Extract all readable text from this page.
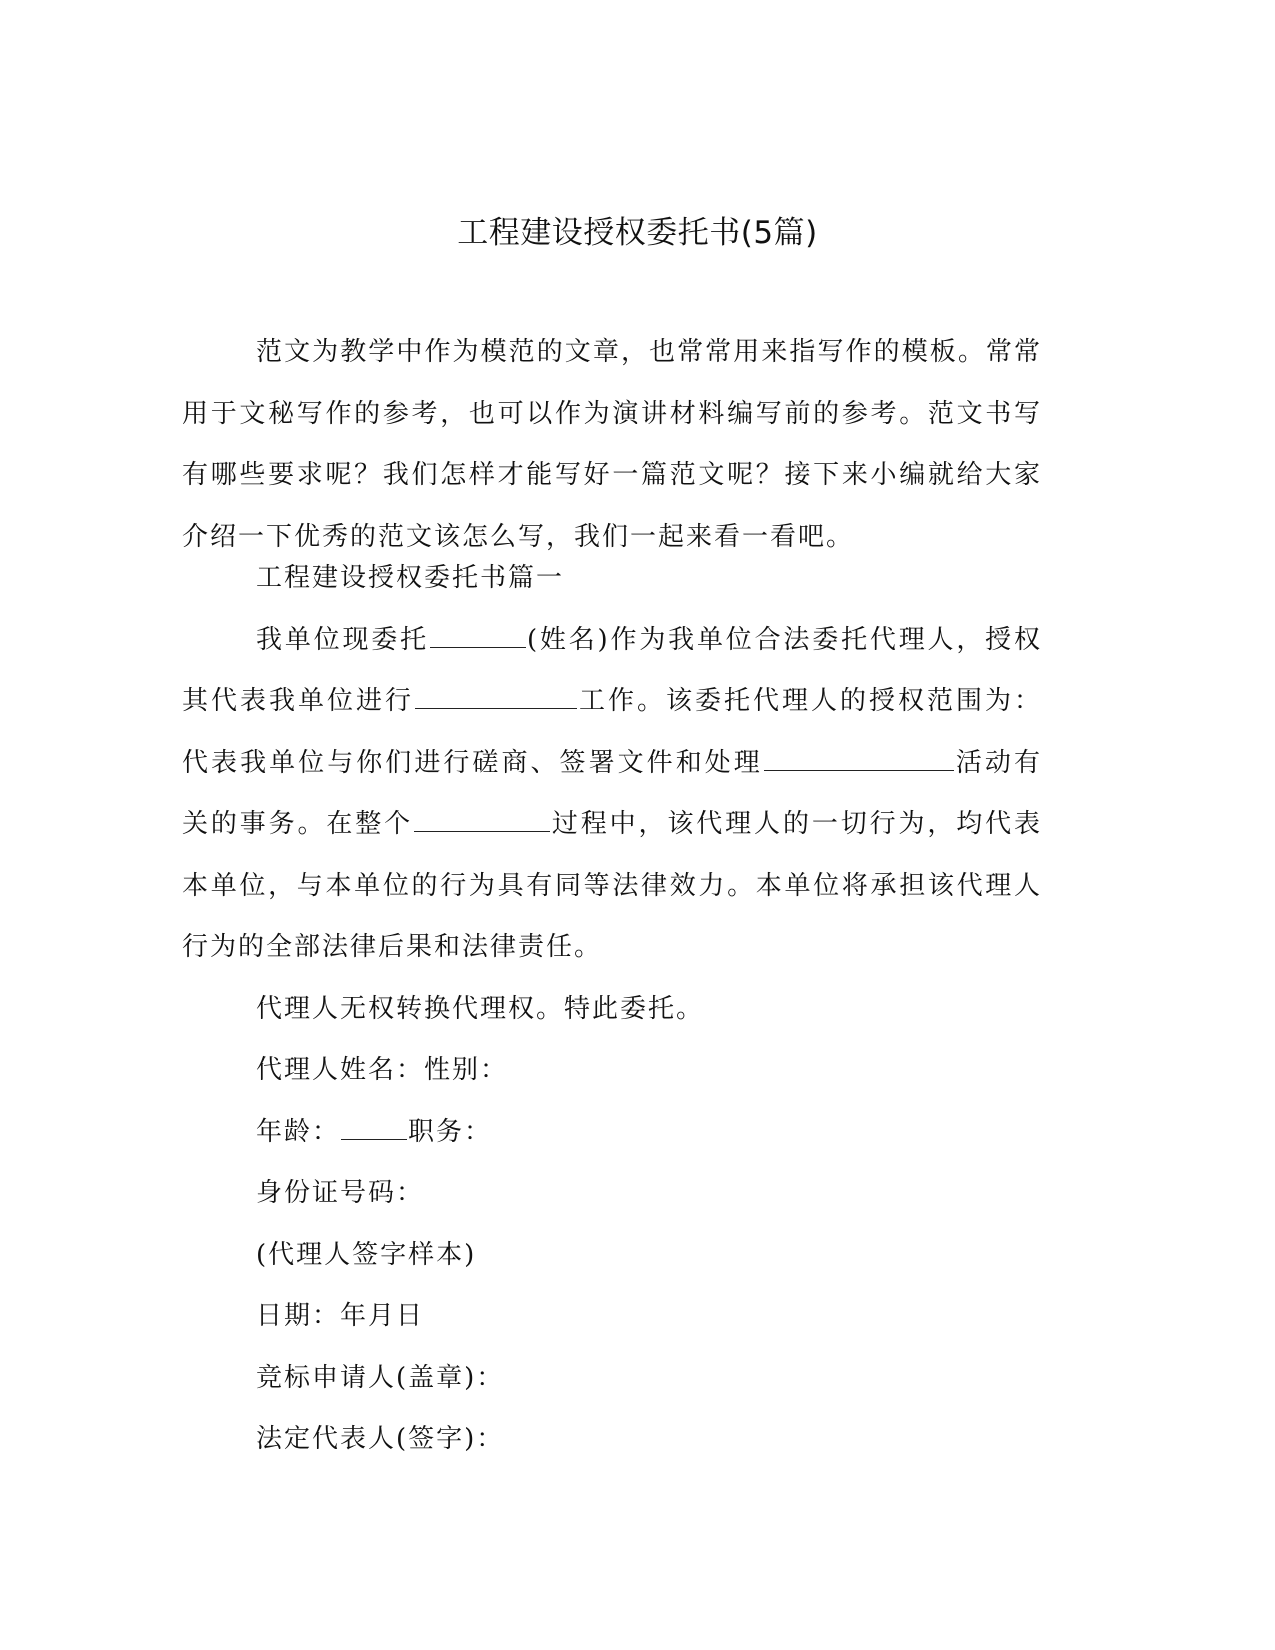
工程建设授权委托书(5篇)

范文为教学中作为模范的文章，也常常用来指写作的模板。常常用于文秘写作的参考，也可以作为演讲材料编写前的参考。范文书写有哪些要求呢？我们怎样才能写好一篇范文呢？接下来小编就给大家介绍一下优秀的范文该怎么写，我们一起来看一看吧。

工程建设授权委托书篇一

我单位现委托	(姓名)作为我单位合法委托代理人，授权其代表我单位进行	工作。该委托代理人的授权范围为：代表我单位与你们进行磋商、签署文件和处理	活动有关的事务。在整个	过程中，该代理人的一切行为，均代表本单位，与本单位的行为具有同等法律效力。本单位将承担该代理人行为的全部法律后果和法律责任。

代理人无权转换代理权。特此委托。

代理人姓名：性别：

年龄：	职务：

身份证号码：

(代理人签字样本)

日期：年月日

竞标申请人(盖章)：

法定代表人(签字)：
